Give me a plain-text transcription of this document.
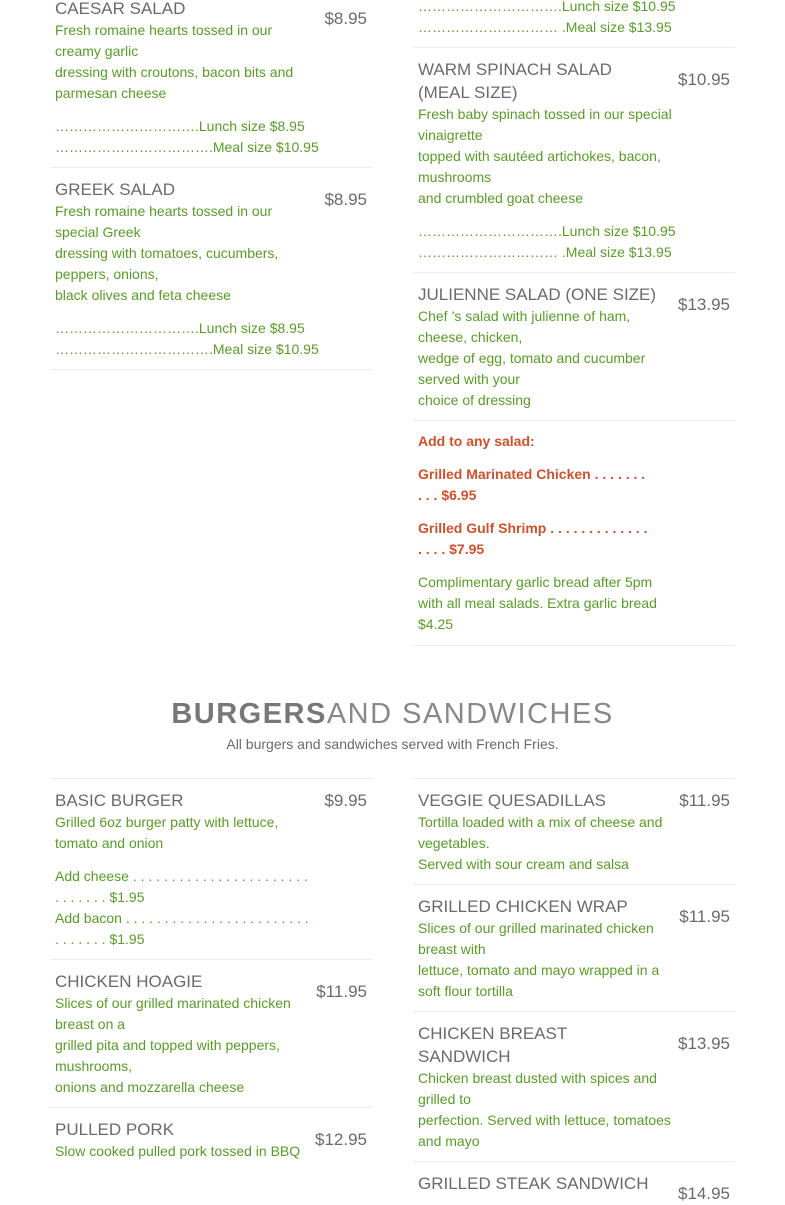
CAESAR SALAD
$8.95

Fresh romaine hearts tossed in our creamy garlic

dressing with croutons, bacon bits and parmesan cheese

………………………….Lunch size $8.95
…………………………….Meal size $10.95
GREEK SALAD
$8.95

Fresh romaine hearts tossed in our special Greek

dressing with tomatoes, cucumbers, peppers, onions,

black olives and feta cheese

………………………….Lunch size $8.95
…………………………….Meal size $10.95
………………………….Lunch size $10.95
………………………… .Meal size $13.95
WARM SPINACH SALAD (MEAL SIZE)
$10.95

Fresh baby spinach tossed in our special vinaigrette

topped with sautéed artichokes, bacon, mushrooms

and crumbled goat cheese

………………………….Lunch size $10.95
………………………… .Meal size $13.95
JULIENNE SALAD (ONE SIZE)
$13.95

Chef ’s salad with julienne of ham, cheese, chicken,

wedge of egg, tomato and cucumber served with your

choice of dressing

Add to any salad:
Grilled Marinated Chicken . . . . . . . . . . $6.95
Grilled Gulf Shrimp . . . . . . . . . . . . . . . . . $7.95
Complimentary garlic bread after 5pm with all meal salads. Extra garlic bread $4.25
BURGERSAND SANDWICHES
All burgers and sandwiches served with French Fries.
BASIC BURGER	$9.95

Grilled 6oz burger patty with lettuce, tomato and onion

Add cheese . . . . . . . . . . . . . . . . . . . . . . . . . . . . . . $1.95
Add bacon . . . . . . . . . . . . . . . . . . . . . . . . . . . . . . . $1.95
CHICKEN HOAGIE
$11.95

Slices of our grilled marinated chicken breast on a

grilled pita and topped with peppers, mushrooms,

onions and mozzarella cheese

PULLED PORK
$12.95

Slow cooked pulled pork tossed in BBQ

VEGGIE QUESADILLAS	$11.95

Tortilla loaded with a mix of cheese and vegetables.

Served with sour cream and salsa

GRILLED CHICKEN WRAP
$11.95

Slices of our grilled marinated chicken breast with

lettuce, tomato and mayo wrapped in a soft flour tortilla

CHICKEN BREAST SANDWICH
$13.95

Chicken breast dusted with spices and grilled to

perfection. Served with lettuce, tomatoes and mayo

GRILLED STEAK SANDWICH
$14.95
